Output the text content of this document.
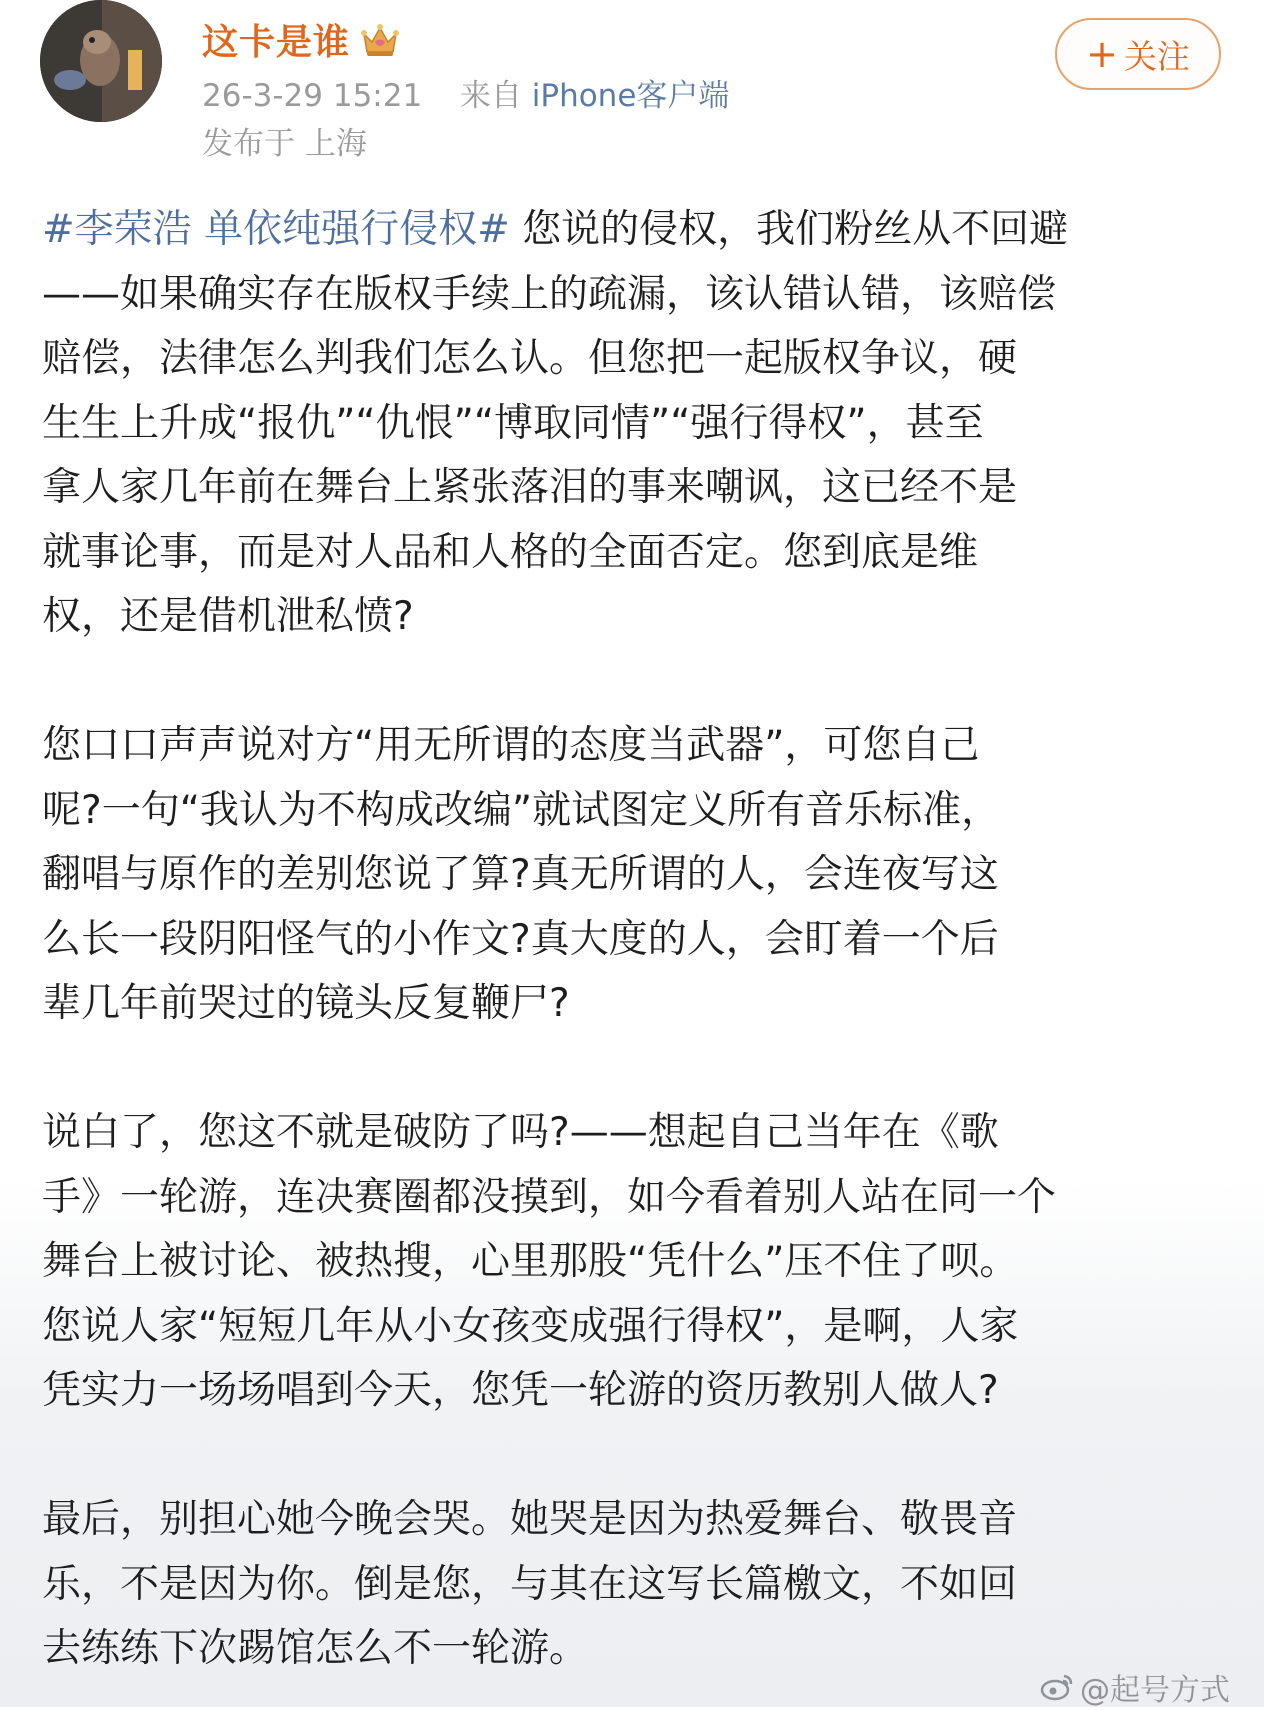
这卡是谁
26-3-29 15:21 来自 iPhone客户端
发布于 上海
+ 关注
#李荣浩 单依纯强行侵权# 您说的侵权，我们粉丝从不回避
——如果确实存在版权手续上的疏漏，该认错认错，该赔偿
赔偿，法律怎么判我们怎么认。但您把一起版权争议，硬
生生上升成“报仇”“仇恨”“博取同情”“强行得权”，甚至
拿人家几年前在舞台上紧张落泪的事来嘲讽，这已经不是
就事论事，而是对人品和人格的全面否定。您到底是维
权，还是借机泄私愤?
您口口声声说对方“用无所谓的态度当武器”，可您自己
呢?一句“我认为不构成改编”就试图定义所有音乐标准，
翻唱与原作的差别您说了算?真无所谓的人，会连夜写这
么长一段阴阳怪气的小作文?真大度的人，会盯着一个后
辈几年前哭过的镜头反复鞭尸?
说白了，您这不就是破防了吗?——想起自己当年在《歌
手》一轮游，连决赛圈都没摸到，如今看着别人站在同一个
舞台上被讨论、被热搜，心里那股“凭什么”压不住了呗。
您说人家“短短几年从小女孩变成强行得权”，是啊，人家
凭实力一场场唱到今天，您凭一轮游的资历教别人做人?
最后，别担心她今晚会哭。她哭是因为热爱舞台、敬畏音
乐，不是因为你。倒是您，与其在这写长篇檄文，不如回
去练练下次踢馆怎么不一轮游。
@起号方式
